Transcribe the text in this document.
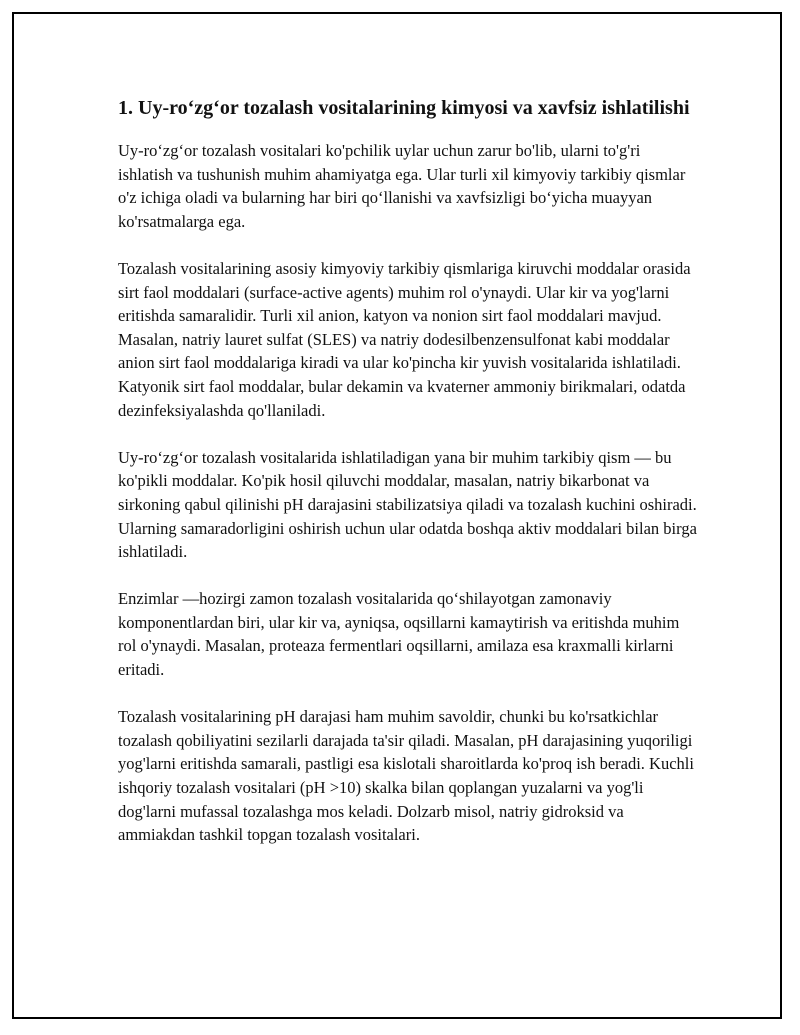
1. Uy-ro‘zg‘or tozalash vositalarining kimyosi va xavfsiz ishlatilishi

Uy-ro‘zg‘or tozalash vositalari ko'pchilik uylar uchun zarur bo'lib, ularni to'g'ri ishlatish va tushunish muhim ahamiyatga ega. Ular turli xil kimyoviy tarkibiy qismlar o'z ichiga oladi va bularning har biri qo‘llanishi va xavfsizligi bo‘yicha muayyan ko'rsatmalarga ega.

Tozalash vositalarining asosiy kimyoviy tarkibiy qismlariga kiruvchi moddalar orasida sirt faol moddalari (surface-active agents) muhim rol o'ynaydi. Ular kir va yog'larni eritishda samaralidir. Turli xil anion, katyon va nonion sirt faol moddalari mavjud. Masalan, natriy lauret sulfat (SLES) va natriy dodesilbenzensulfonat kabi moddalar anion sirt faol moddalariga kiradi va ular ko'pincha kir yuvish vositalarida ishlatiladi. Katyonik sirt faol moddalar, bular dekamin va kvaterner ammoniy birikmalari, odatda dezinfeksiyalashda qo'llaniladi.

Uy-ro‘zg‘or tozalash vositalarida ishlatiladigan yana bir muhim tarkibiy qism — bu ko'pikli moddalar. Ko'pik hosil qiluvchi moddalar, masalan, natriy bikarbonat va sirkoning qabul qilinishi pH darajasini stabilizatsiya qiladi va tozalash kuchini oshiradi. Ularning samaradorligini oshirish uchun ular odatda boshqa aktiv moddalari bilan birga ishlatiladi.

Enzimlar —hozirgi zamon tozalash vositalarida qo‘shilayotgan zamonaviy komponentlardan biri, ular kir va, ayniqsa, oqsillarni kamaytirish va eritishda muhim rol o'ynaydi. Masalan, proteaza fermentlari oqsillarni, amilaza esa kraxmalli kirlarni eritadi.

Tozalash vositalarining pH darajasi ham muhim savoldir, chunki bu ko'rsatkichlar tozalash qobiliyatini sezilarli darajada ta'sir qiladi. Masalan, pH darajasining yuqoriligi yog'larni eritishda samarali, pastligi esa kislotali sharoitlarda ko'proq ish beradi. Kuchli ishqoriy tozalash vositalari (pH >10) skalka bilan qoplangan yuzalarni va yog'li dog'larni mufassal tozalashga mos keladi. Dolzarb misol, natriy gidroksid va ammiakdan tashkil topgan tozalash vositalari.
